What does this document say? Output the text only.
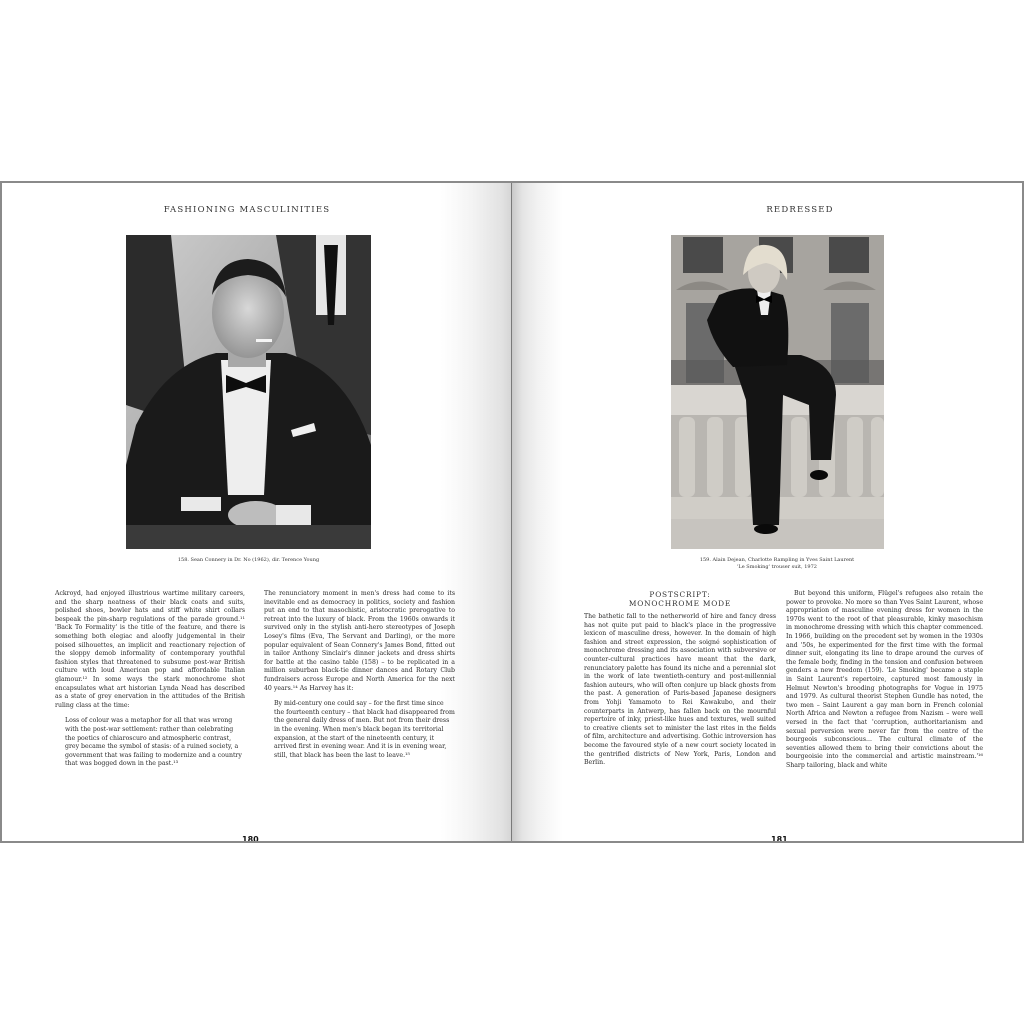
FASHIONING MASCULINITIES
158. Sean Connery in Dr. No (1962), dir. Terence Young

Ackroyd, had enjoyed illustrious wartime military careers, and the sharp neatness of their black coats and suits, polished shoes, bowler hats and stiff white shirt collars bespeak the pin-sharp regulations of the parade ground.¹¹ 'Back To Formality' is the title of the feature, and there is something both elegiac and aloofly judgemental in their poised silhouettes, an implicit and reactionary rejection of the sloppy demob informality of contemporary youthful fashion styles that threatened to subsume post-war British culture with loud American pop and affordable Italian glamour.¹² In some ways the stark monochrome shot encapsulates what art historian Lynda Nead has described as a state of grey enervation in the attitudes of the British ruling class at the time:

Loss of colour was a metaphor for all that was wrong with the post-war settlement: rather than celebrating the poetics of chiaroscuro and atmospheric contrast, grey became the symbol of stasis: of a ruined society, a government that was failing to modernize and a country that was bogged down in the past.¹³

The renunciatory moment in men's dress had come to its inevitable end as democracy in politics, society and fashion put an end to that masochistic, aristocratic prerogative to retreat into the luxury of black. From the 1960s onwards it survived only in the stylish anti-hero stereotypes of Joseph Losey's films (Eva, The Servant and Darling), or the more popular equivalent of Sean Connery's James Bond, fitted out in tailor Anthony Sinclair's dinner jackets and dress shirts for battle at the casino table (158) – to be replicated in a million suburban black-tie dinner dances and Rotary Club fundraisers across Europe and North America for the next 40 years.¹⁴ As Harvey has it:

By mid-century one could say – for the first time since the fourteenth century – that black had disappeared from the general daily dress of men. But not from their dress in the evening. When men's black began its territorial expansion, at the start of the nineteenth century, it arrived first in evening wear. And it is in evening wear, still, that black has been the last to leave.¹⁵

180
REDRESSED
159. Alain Dejean, Charlotte Rampling in Yves Saint Laurent
'Le Smoking' trouser suit, 1972
POSTSCRIPT:
MONOCHROME MODE

The bathetic fall to the netherworld of hire and fancy dress has not quite put paid to black's place in the progressive lexicon of masculine dress, however. In the domain of high fashion and street expression, the soigné sophistication of monochrome dressing and its association with subversive or counter-cultural practices have meant that the dark, renunciatory palette has found its niche and a perennial slot in the work of late twentieth-century and post-millennial fashion auteurs, who will often conjure up black ghosts from the past. A generation of Paris-based Japanese designers from Yohji Yamamoto to Rei Kawakubo, and their counterparts in Antwerp, has fallen back on the mournful repertoire of inky, priest-like hues and textures, well suited to creative clients set to minister the last rites in the fields of film, architecture and advertising. Gothic introversion has become the favoured style of a new court society located in the gentrified districts of New York, Paris, London and Berlin.

But beyond this uniform, Flügel's refugees also retain the power to provoke. No more so than Yves Saint Laurent, whose appropriation of masculine evening dress for women in the 1970s went to the root of that pleasurable, kinky masochism in monochrome dressing with which this chapter commenced. In 1966, building on the precedent set by women in the 1930s and '50s, he experimented for the first time with the formal dinner suit, elongating its line to drape around the curves of the female body, finding in the tension and confusion between genders a new freedom (159). 'Le Smoking' became a staple in Saint Laurent's repertoire, captured most famously in Helmut Newton's brooding photographs for Vogue in 1975 and 1979. As cultural theorist Stephen Gundle has noted, the two men – Saint Laurent a gay man born in French colonial North Africa and Newton a refugee from Nazism – were well versed in the fact that 'corruption, authoritarianism and sexual perversion were never far from the centre of the bourgeois subconscious... The cultural climate of the seventies allowed them to bring their convictions about the bourgeoisie into the commercial and artistic mainstream.'¹⁶ Sharp tailoring, black and white

181
